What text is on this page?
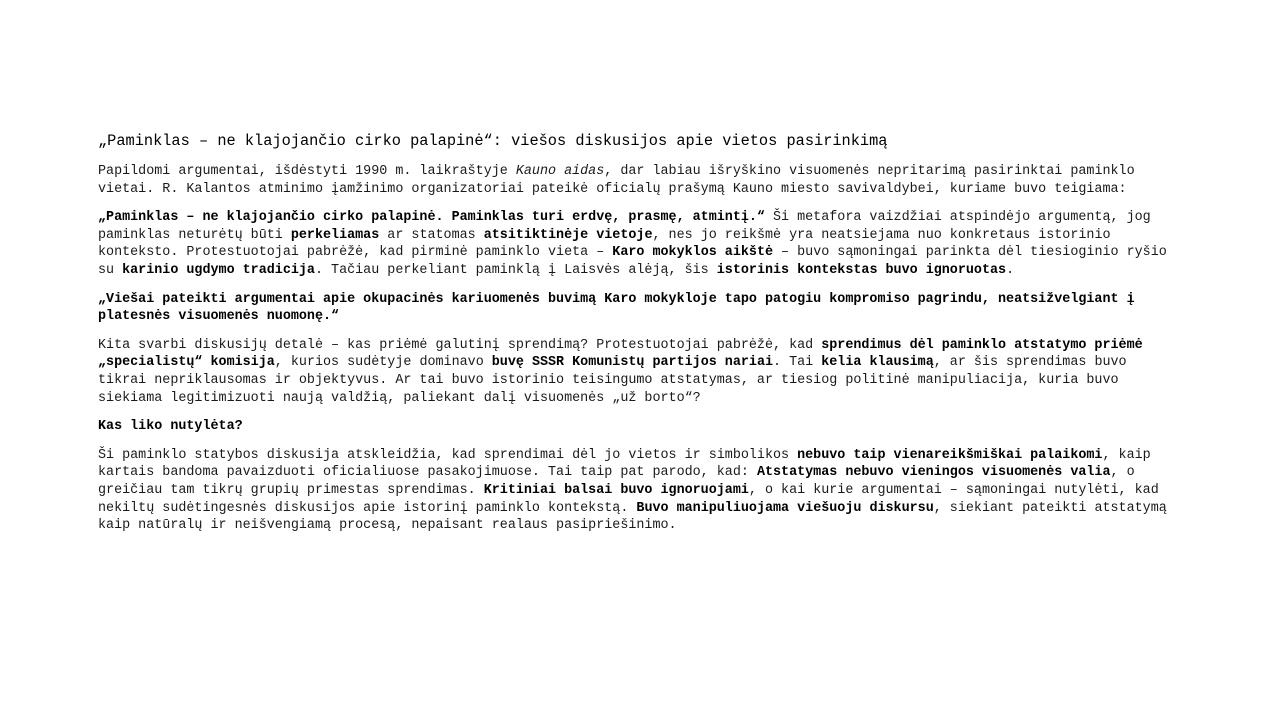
„Paminklas – ne klajojančio cirko palapinė“: viešos diskusijos apie vietos pasirinkimą

Papildomi argumentai, išdėstyti 1990 m. laikraštyje Kauno aidas, dar labiau išryškino visuomenės nepritarimą pasirinktai paminklo vietai. R. Kalantos atminimo įamžinimo organizatoriai pateikė oficialų prašymą Kauno miesto savivaldybei, kuriame buvo teigiama:

„Paminklas – ne klajojančio cirko palapinė. Paminklas turi erdvę, prasmę, atmintį.“ Ši metafora vaizdžiai atspindėjo argumentą, jog paminklas neturėtų būti perkeliamas ar statomas atsitiktinėje vietoje, nes jo reikšmė yra neatsiejama nuo konkretaus istorinio konteksto. Protestuotojai pabrėžė, kad pirminė paminklo vieta – Karo mokyklos aikštė – buvo sąmoningai parinkta dėl tiesioginio ryšio su karinio ugdymo tradicija. Tačiau perkeliant paminklą į Laisvės alėją, šis istorinis kontekstas buvo ignoruotas.

„Viešai pateikti argumentai apie okupacinės kariuomenės buvimą Karo mokykloje tapo patogiu kompromiso pagrindu, neatsižvelgiant į platesnės visuomenės nuomonę.“

Kita svarbi diskusijų detalė – kas priėmė galutinį sprendimą? Protestuotojai pabrėžė, kad sprendimus dėl paminklo atstatymo priėmė „specialistų“ komisija, kurios sudėtyje dominavo buvę SSSR Komunistų partijos nariai. Tai kelia klausimą, ar šis sprendimas buvo tikrai nepriklausomas ir objektyvus. Ar tai buvo istorinio teisingumo atstatymas, ar tiesiog politinė manipuliacija, kuria buvo siekiama legitimizuoti naują valdžią, paliekant dalį visuomenės „už borto“?

Kas liko nutylėta?

Ši paminklo statybos diskusija atskleidžia, kad sprendimai dėl jo vietos ir simbolikos nebuvo taip vienareikšmiškai palaikomi, kaip kartais bandoma pavaizduoti oficialiuose pasakojimuose. Tai taip pat parodo, kad: Atstatymas nebuvo vieningos visuomenės valia, o greičiau tam tikrų grupių primestas sprendimas. Kritiniai balsai buvo ignoruojami, o kai kurie argumentai – sąmoningai nutylėti, kad nekiltų sudėtingesnės diskusijos apie istorinį paminklo kontekstą. Buvo manipuliuojama viešuoju diskursu, siekiant pateikti atstatymą kaip natūralų ir neišvengiamą procesą, nepaisant realaus pasipriešinimo.
